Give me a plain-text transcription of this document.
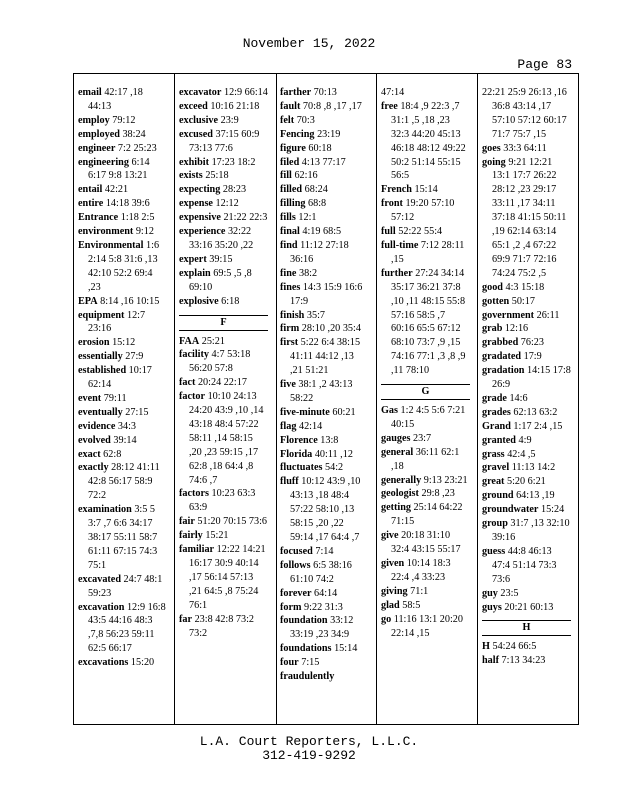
November 15, 2022
Page 83
email 42:17 ,18 44:13
employ 79:12
employed 38:24
engineer 7:2 25:23
engineering 6:14 6:17 9:8 13:21
entail 42:21
entire 14:18 39:6
Entrance 1:18 2:5
environment 9:12
Environmental 1:6 2:14 5:8 31:6 ,13 42:10 52:2 69:4 ,23
EPA 8:14 ,16 10:15
equipment 12:7 23:16
erosion 15:12
essentially 27:9
established 10:17 62:14
event 79:11
eventually 27:15
evidence 34:3
evolved 39:14
exact 62:8
exactly 28:12 41:11 42:8 56:17 58:9 72:2
examination 3:5 5 3:7 ,7 6:6 34:17 38:17 55:11 58:7 61:11 67:15 74:3 75:1
excavated 24:7 48:1 59:23
excavation 12:9 16:8 43:5 44:16 48:3 ,7,8 56:23 59:11 62:5 66:17
excavations 15:20
excavator 12:9 66:14
exceed 10:16 21:18
exclusive 23:9
excused 37:15 60:9 73:13 77:6
exhibit 17:23 18:2
exists 25:18
expecting 28:23
expense 12:12
expensive 21:22 22:3
experience 32:22 33:16 35:20 ,22
expert 39:15
explain 69:5 ,5 ,8 69:10
explosive 6:18
F
FAA 25:21
facility 4:7 53:18 56:20 57:8
fact 20:24 22:17
factor 10:10 24:13 24:20 43:9 ,10 ,14 43:18 48:4 57:22 58:11 ,14 58:15 ,20 ,23 59:15 ,17 62:8 ,18 64:4 ,8 74:6 ,7
factors 10:23 63:3 63:9
fair 51:20 70:15 73:6
fairly 15:21
familiar 12:22 14:21 16:17 30:9 40:14 ,17 56:14 57:13 ,21 64:5 ,8 75:24 76:1
far 23:8 42:8 73:2 73:2
farther 70:13
fault 70:8 ,8 ,17 ,17
felt 70:3
Fencing 23:19
figure 60:18
filed 4:13 77:17
fill 62:16
filled 68:24
filling 68:8
fills 12:1
final 4:19 68:5
find 11:12 27:18 36:16
fine 38:2
fines 14:3 15:9 16:6 17:9
finish 35:7
firm 28:10 ,20 35:4
first 5:22 6:4 38:15 41:11 44:12 ,13 ,21 51:21
five 38:1 ,2 43:13 58:22
five-minute 60:21
flag 42:14
Florence 13:8
Florida 40:11 ,12
fluctuates 54:2
fluff 10:12 43:9 ,10 43:13 ,18 48:4 57:22 58:10 ,13 58:15 ,20 ,22 59:14 ,17 64:4 ,7
focused 7:14
follows 6:5 38:16 61:10 74:2
forever 64:14
form 9:22 31:3
foundation 33:12 33:19 ,23 34:9
foundations 15:14
four 7:15
fraudulently
47:14
free 18:4 ,9 22:3 ,7 31:1 ,5 ,18 ,23 32:3 44:20 45:13 46:18 48:12 49:22 50:2 51:14 55:15 56:5
French 15:14
front 19:20 57:10 57:12
full 52:22 55:4
full-time 7:12 28:11 ,15
further 27:24 34:14 35:17 36:21 37:8 ,10 ,11 48:15 55:8 57:16 58:5 ,7 60:16 65:5 67:12 68:10 73:7 ,9 ,15 74:16 77:1 ,3 ,8 ,9 ,11 78:10
G
Gas 1:2 4:5 5:6 7:21 40:15
gauges 23:7
general 36:11 62:1 ,18
generally 9:13 23:21
geologist 29:8 ,23
getting 25:14 64:22 71:15
give 20:18 31:10 32:4 43:15 55:17
given 10:14 18:3 22:4 ,4 33:23
giving 71:1
glad 58:5
go 11:16 13:1 20:20 22:14 ,15
22:21 25:9 26:13 ,16 36:8 43:14 ,17 57:10 57:12 60:17 71:7 75:7 ,15
goes 33:3 64:11
going 9:21 12:21 13:1 17:7 26:22 28:12 ,23 29:17 33:11 ,17 34:11 37:18 41:15 50:11 ,19 62:14 63:14 65:1 ,2 ,4 67:22 69:9 71:7 72:16 74:24 75:2 ,5
good 4:3 15:18
gotten 50:17
government 26:11
grab 12:16
grabbed 76:23
gradated 17:9
gradation 14:15 17:8 26:9
grade 14:6
grades 62:13 63:2
Grand 1:17 2:4 ,15
granted 4:9
grass 42:4 ,5
gravel 11:13 14:2
great 5:20 6:21
ground 64:13 ,19
groundwater 15:24
group 31:7 ,13 32:10 39:16
guess 44:8 46:13 47:4 51:14 73:3 73:6
guy 23:5
guys 20:21 60:13
H
H 54:24 66:5
half 7:13 34:23
L.A. Court Reporters, L.L.C.
312-419-9292
